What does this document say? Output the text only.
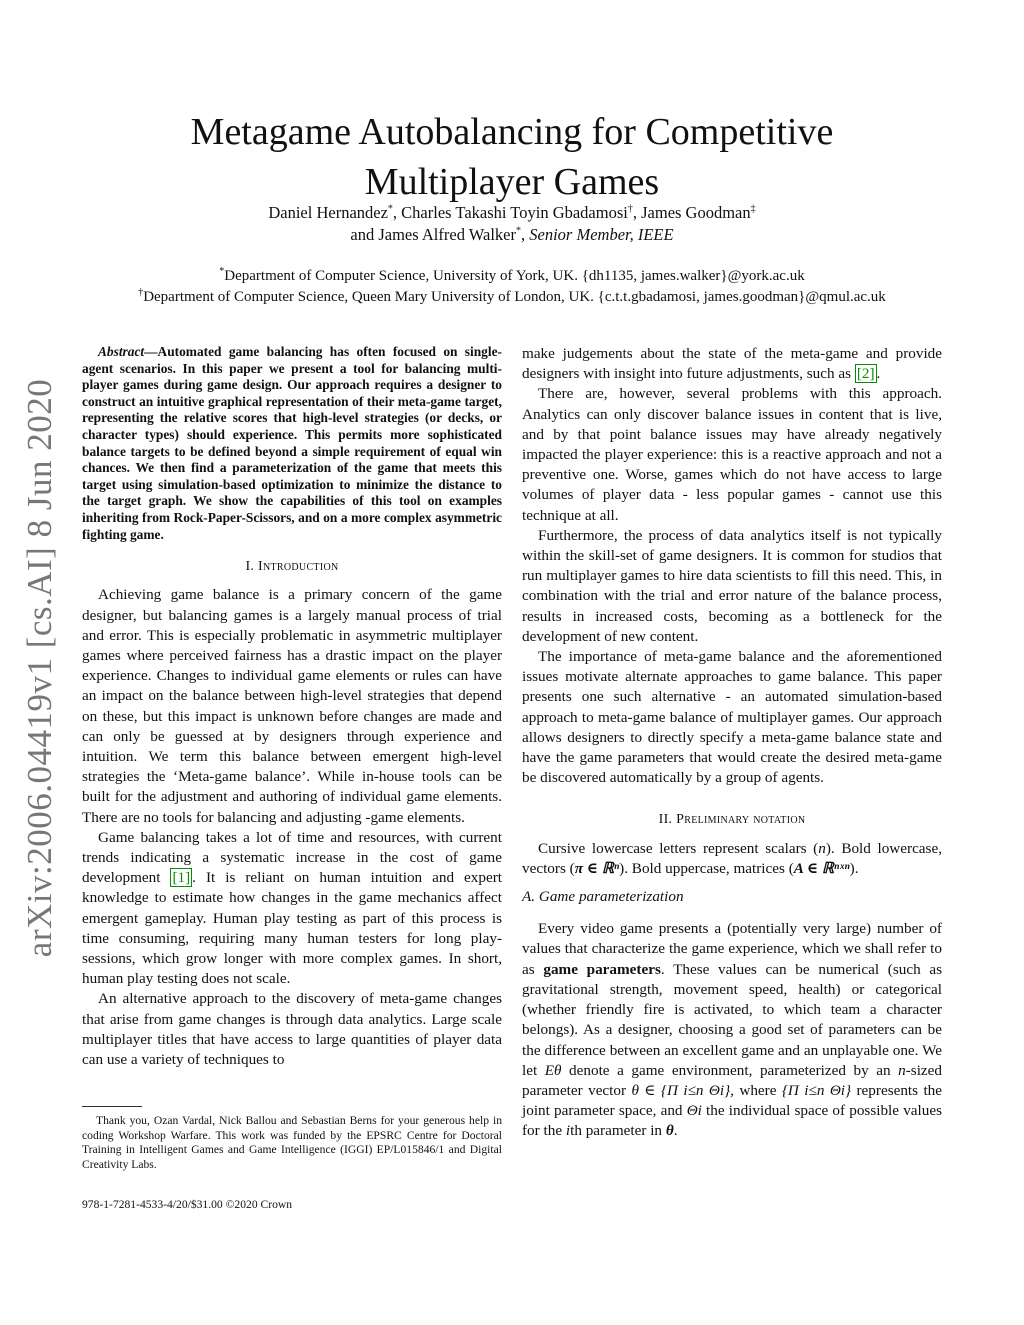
arXiv:2006.04419v1 [cs.AI] 8 Jun 2020
Metagame Autobalancing for Competitive Multiplayer Games
Daniel Hernandez*, Charles Takashi Toyin Gbadamosi†, James Goodman‡
and James Alfred Walker*, Senior Member, IEEE
*Department of Computer Science, University of York, UK. {dh1135, james.walker}@york.ac.uk
†Department of Computer Science, Queen Mary University of London, UK. {c.t.t.gbadamosi, james.goodman}@qmul.ac.uk

Abstract—Automated game balancing has often focused on single-agent scenarios. In this paper we present a tool for balancing multi-player games during game design. Our approach requires a designer to construct an intuitive graphical representation of their meta-game target, representing the relative scores that high-level strategies (or decks, or character types) should experience. This permits more sophisticated balance targets to be defined beyond a simple requirement of equal win chances. We then find a parameterization of the game that meets this target using simulation-based optimization to minimize the distance to the target graph. We show the capabilities of this tool on examples inheriting from Rock-Paper-Scissors, and on a more complex asymmetric fighting game.

I. Introduction

Achieving game balance is a primary concern of the game designer, but balancing games is a largely manual process of trial and error. This is especially problematic in asymmetric multiplayer games where perceived fairness has a drastic impact on the player experience. Changes to individual game elements or rules can have an impact on the balance between high-level strategies that depend on these, but this impact is unknown before changes are made and can only be guessed at by designers through experience and intuition. We term this balance between emergent high-level strategies the ‘Meta-game balance’. While in-house tools can be built for the adjustment and authoring of individual game elements. There are no tools for balancing and adjusting -game elements.

Game balancing takes a lot of time and resources, with current trends indicating a systematic increase in the cost of game development [1] . It is reliant on human intuition and expert knowledge to estimate how changes in the game mechanics affect emergent gameplay. Human play testing as part of this process is time consuming, requiring many human testers for long play-sessions, which grow longer with more complex games. In short, human play testing does not scale.

An alternative approach to the discovery of meta-game changes that arise from game changes is through data analytics. Large scale multiplayer titles that have access to large quantities of player data can use a variety of techniques to

make judgements about the state of the meta-game and provide designers with insight into future adjustments, such as [2] .

There are, however, several problems with this approach. Analytics can only discover balance issues in content that is live, and by that point balance issues may have already negatively impacted the player experience: this is a reactive approach and not a preventive one. Worse, games which do not have access to large volumes of player data - less popular games - cannot use this technique at all.

Furthermore, the process of data analytics itself is not typically within the skill-set of game designers. It is common for studios that run multiplayer games to hire data scientists to fill this need. This, in combination with the trial and error nature of the balance process, results in increased costs, becoming as a bottleneck for the development of new content.

The importance of meta-game balance and the aforementioned issues motivate alternate approaches to game balance. This paper presents one such alternative - an automated simulation-based approach to meta-game balance of multiplayer games. Our approach allows designers to directly specify a meta-game balance state and have the game parameters that would create the desired meta-game be discovered automatically by a group of agents.

II. Preliminary notation

Cursive lowercase letters represent scalars (n). Bold lowercase, vectors (π ∈ ℝⁿ). Bold uppercase, matrices (A ∈ ℝⁿˣⁿ).

A. Game parameterization

Every video game presents a (potentially very large) number of values that characterize the game experience, which we shall refer to as game parameters. These values can be numerical (such as gravitational strength, movement speed, health) or categorical (whether friendly fire is activated, to which team a character belongs). As a designer, choosing a good set of parameters can be the difference between an excellent game and an unplayable one. We let Eθ denote a game environment, parameterized by an n-sized parameter vector θ ∈ {Π i≤n Θi}, where {Π i≤n Θi} represents the joint parameter space, and Θi the individual space of possible values for the ith parameter in θ.

Thank you, Ozan Vardal, Nick Ballou and Sebastian Berns for your generous help in coding Workshop Warfare. This work was funded by the EPSRC Centre for Doctoral Training in Intelligent Games and Game Intelligence (IGGI) EP/L015846/1 and Digital Creativity Labs.
978-1-7281-4533-4/20/$31.00 ©2020 Crown
